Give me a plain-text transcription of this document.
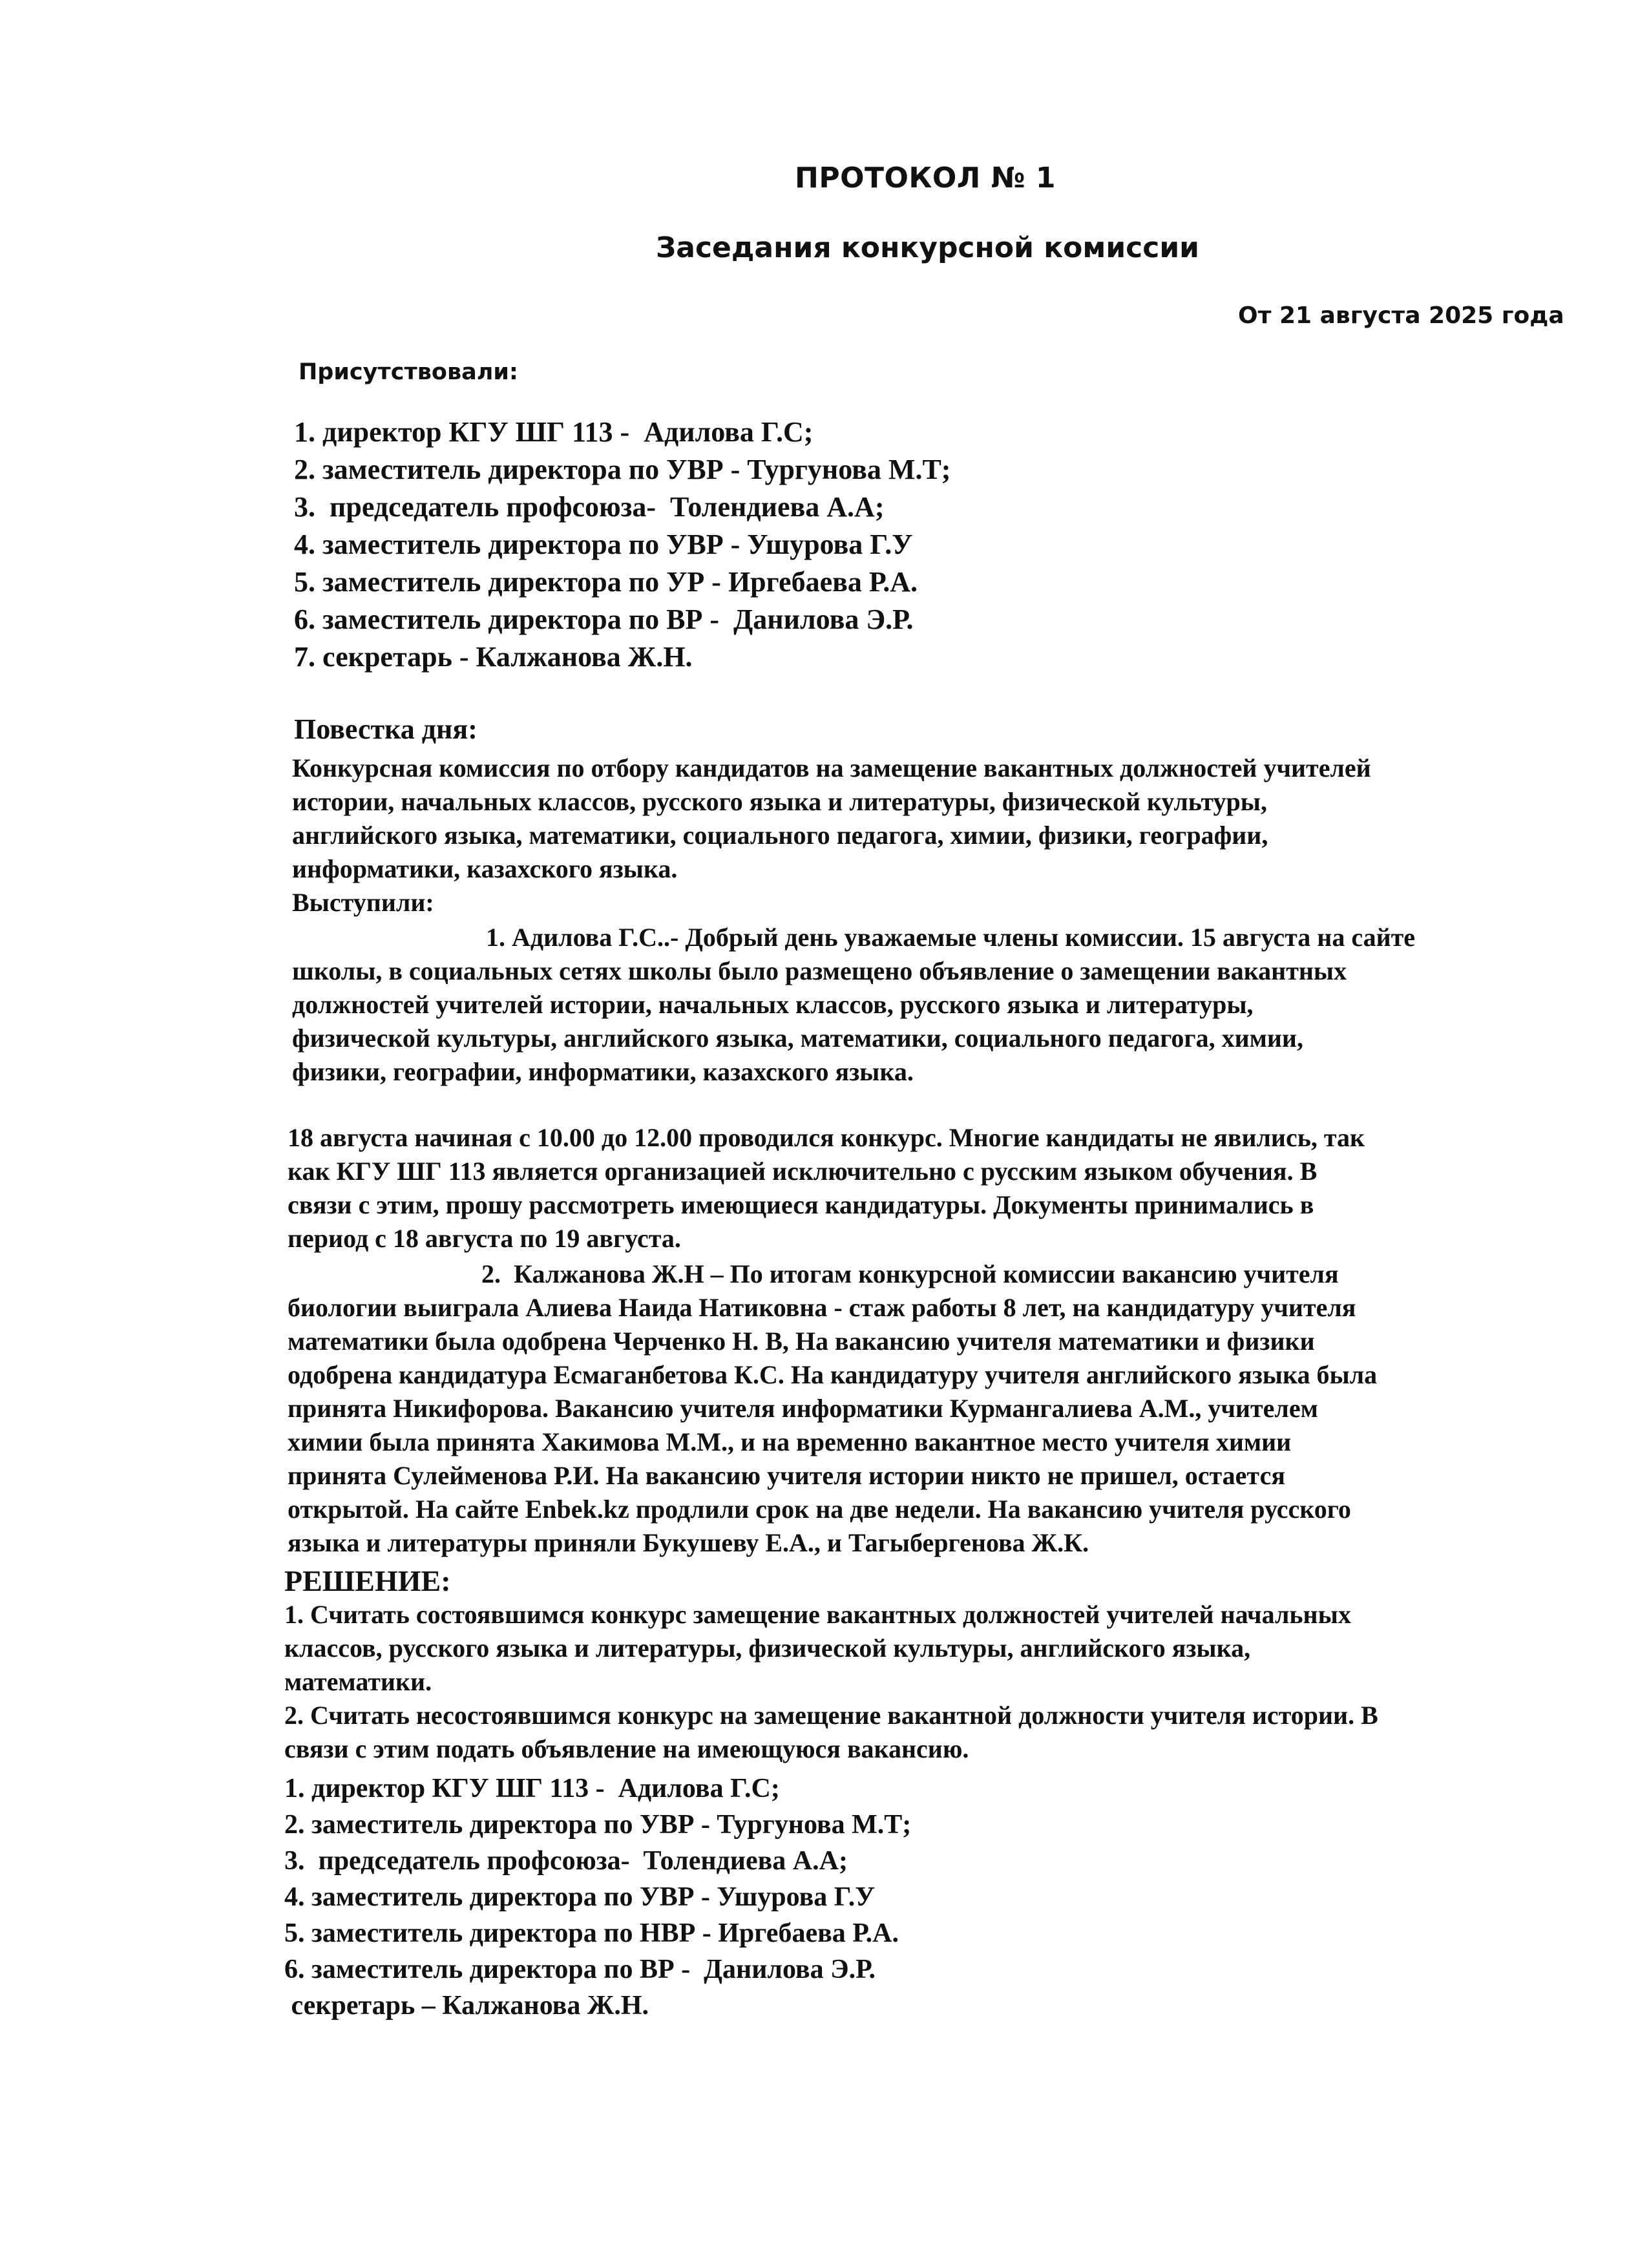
ПРОТОКОЛ № 1
Заседания конкурсной комиссии
От 21 августа 2025 года
Присутствовали:
1. директор КГУ ШГ 113 -  Адилова Г.С;
2. заместитель директора по УВР - Тургунова М.Т;
3.  председатель профсоюза-  Толендиева А.А;
4. заместитель директора по УВР - Ушурова Г.У
5. заместитель директора по УР - Иргебаева Р.А.
6. заместитель директора по ВР -  Данилова Э.Р.
7. секретарь - Калжанова Ж.Н.
Повестка дня:
Конкурсная комиссия по отбору кандидатов на замещение вакантных должностей учителей
истории, начальных классов, русского языка и литературы, физической культуры,
английского языка, математики, социального педагога, химии, физики, географии,
информатики, казахского языка.
Выступили:
1. Адилова Г.С..- Добрый день уважаемые члены комиссии. 15 августа на сайте
школы, в социальных сетях школы было размещено объявление о замещении вакантных
должностей учителей истории, начальных классов, русского языка и литературы,
физической культуры, английского языка, математики, социального педагога, химии,
физики, географии, информатики, казахского языка.
18 августа начиная с 10.00 до 12.00 проводился конкурс. Многие кандидаты не явились, так
как КГУ ШГ 113 является организацией исключительно с русским языком обучения. В
связи с этим, прошу рассмотреть имеющиеся кандидатуры. Документы принимались в
период с 18 августа по 19 августа.
2.  Калжанова Ж.Н – По итогам конкурсной комиссии вакансию учителя
биологии выиграла Алиева Наида Натиковна - стаж работы 8 лет, на кандидатуру учителя
математики была одобрена Черченко Н. В, На вакансию учителя математики и физики
одобрена кандидатура Есмаганбетова К.С. На кандидатуру учителя английского языка была
принята Никифорова. Вакансию учителя информатики Курмангалиева А.М., учителем
химии была принята Хакимова М.М., и на временно вакантное место учителя химии
принята Сулейменова Р.И. На вакансию учителя истории никто не пришел, остается
открытой. На сайте Enbek.kz продлили срок на две недели. На вакансию учителя русского
языка и литературы приняли Букушеву Е.А., и Тагыбергенова Ж.К.
РЕШЕНИЕ:
1. Считать состоявшимся конкурс замещение вакантных должностей учителей начальных
классов, русского языка и литературы, физической культуры, английского языка,
математики.
2. Считать несостоявшимся конкурс на замещение вакантной должности учителя истории. В
связи с этим подать объявление на имеющуюся вакансию.
1. директор КГУ ШГ 113 -  Адилова Г.С;
2. заместитель директора по УВР - Тургунова М.Т;
3.  председатель профсоюза-  Толендиева А.А;
4. заместитель директора по УВР - Ушурова Г.У
5. заместитель директора по НВР - Иргебаева Р.А.
6. заместитель директора по ВР -  Данилова Э.Р.
секретарь – Калжанова Ж.Н.
